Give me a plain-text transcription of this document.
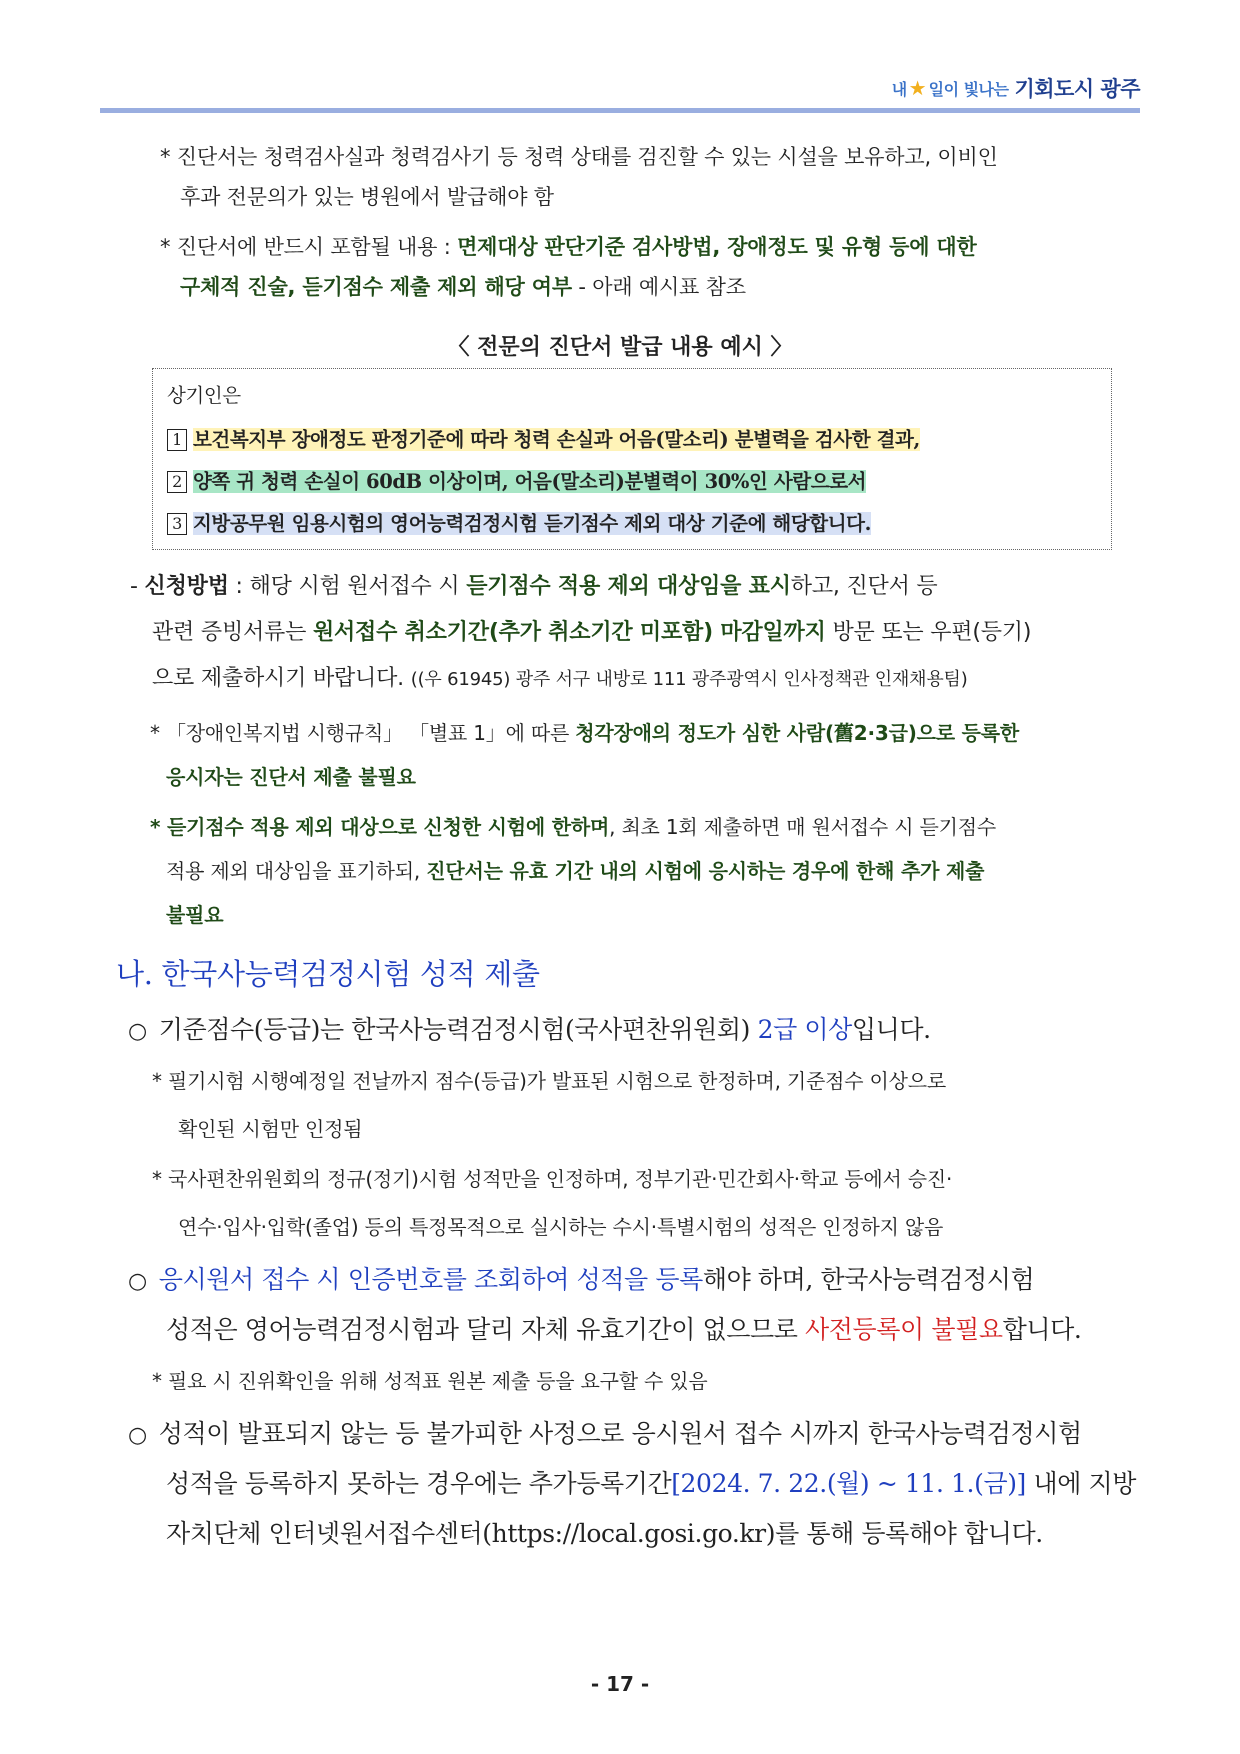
내 ★ 일이 빛나는 기회도시 광주
* 진단서는 청력검사실과 청력검사기 등 청력 상태를 검진할 수 있는 시설을 보유하고, 이비인
후과 전문의가 있는 병원에서 발급해야 함
* 진단서에 반드시 포함될 내용 : 면제대상 판단기준 검사방법, 장애정도 및 유형 등에 대한
구체적 진술, 듣기점수 제출 제외 해당 여부 - 아래 예시표 참조
〈 전문의 진단서 발급 내용 예시 〉
상기인은
1 보건복지부 장애정도 판정기준에 따라 청력 손실과 어음(말소리) 분별력을 검사한 결과,
2 양쪽 귀 청력 손실이 60dB 이상이며, 어음(말소리)분별력이 30%인 사람으로서
3 지방공무원 임용시험의 영어능력검정시험 듣기점수 제외 대상 기준에 해당합니다.
- 신청방법 : 해당 시험 원서접수 시 듣기점수 적용 제외 대상임을 표시하고, 진단서 등
관련 증빙서류는 원서접수 취소기간(추가 취소기간 미포함) 마감일까지 방문 또는 우편(등기)
으로 제출하시기 바랍니다. ((우 61945) 광주 서구 내방로 111 광주광역시 인사정책관 인재채용팀)
* 「장애인복지법 시행규칙」 「별표 1」에 따른 청각장애의 정도가 심한 사람(舊2·3급)으로 등록한
응시자는 진단서 제출 불필요
* 듣기점수 적용 제외 대상으로 신청한 시험에 한하며, 최초 1회 제출하면 매 원서접수 시 듣기점수
적용 제외 대상임을 표기하되, 진단서는 유효 기간 내의 시험에 응시하는 경우에 한해 추가 제출
불필요
나. 한국사능력검정시험 성적 제출
○ 기준점수(등급)는 한국사능력검정시험(국사편찬위원회) 2급 이상입니다.
* 필기시험 시행예정일 전날까지 점수(등급)가 발표된 시험으로 한정하며, 기준점수 이상으로
확인된 시험만 인정됨
* 국사편찬위원회의 정규(정기)시험 성적만을 인정하며, 정부기관·민간회사·학교 등에서 승진·
연수·입사·입학(졸업) 등의 특정목적으로 실시하는 수시·특별시험의 성적은 인정하지 않음
○ 응시원서 접수 시 인증번호를 조회하여 성적을 등록해야 하며, 한국사능력검정시험
성적은 영어능력검정시험과 달리 자체 유효기간이 없으므로 사전등록이 불필요합니다.
* 필요 시 진위확인을 위해 성적표 원본 제출 등을 요구할 수 있음
○ 성적이 발표되지 않는 등 불가피한 사정으로 응시원서 접수 시까지 한국사능력검정시험
성적을 등록하지 못하는 경우에는 추가등록기간[2024. 7. 22.(월) ~ 11. 1.(금)] 내에 지방
자치단체 인터넷원서접수센터(https://local.gosi.go.kr)를 통해 등록해야 합니다.
- 17 -
